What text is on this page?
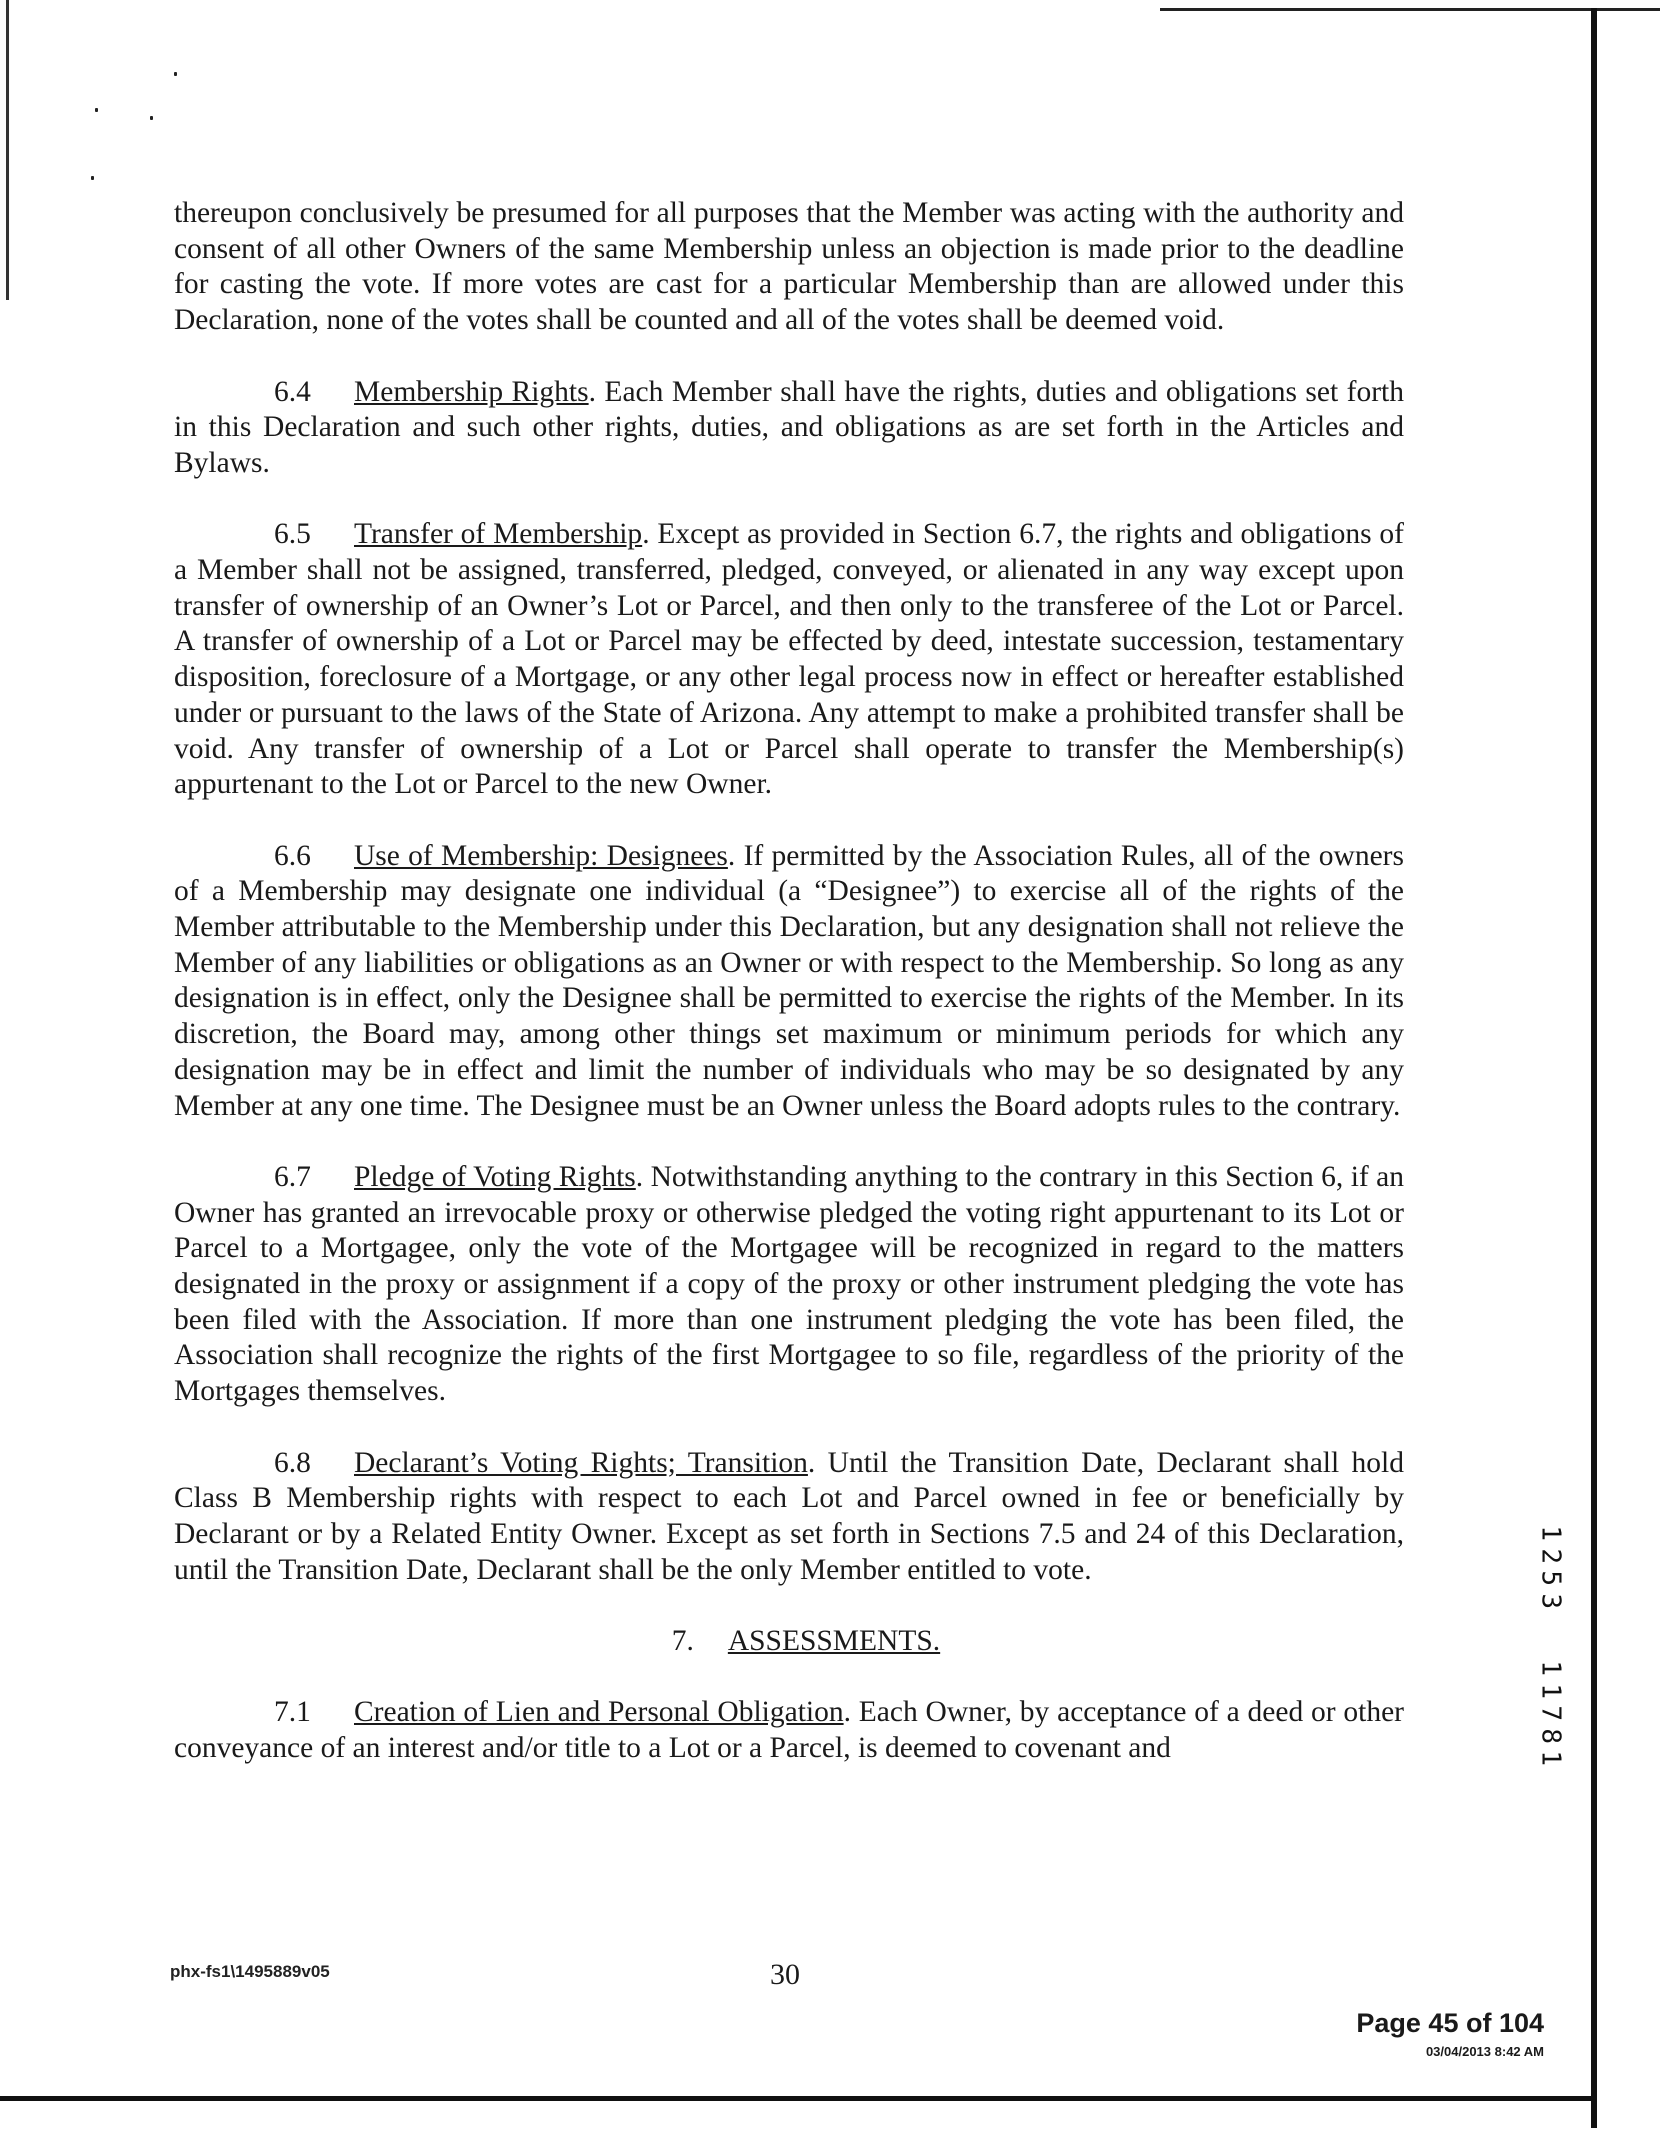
thereupon conclusively be presumed for all purposes that the Member was acting with the authority and consent of all other Owners of the same Membership unless an objection is made prior to the deadline for casting the vote. If more votes are cast for a particular Membership than are allowed under this Declaration, none of the votes shall be counted and all of the votes shall be deemed void.

6.4 Membership Rights. Each Member shall have the rights, duties and obligations set forth in this Declaration and such other rights, duties, and obligations as are set forth in the Articles and Bylaws.

6.5 Transfer of Membership. Except as provided in Section 6.7, the rights and obligations of a Member shall not be assigned, transferred, pledged, conveyed, or alienated in any way except upon transfer of ownership of an Owner’s Lot or Parcel, and then only to the transferee of the Lot or Parcel. A transfer of ownership of a Lot or Parcel may be effected by deed, intestate succession, testamentary disposition, foreclosure of a Mortgage, or any other legal process now in effect or hereafter established under or pursuant to the laws of the State of Arizona. Any attempt to make a prohibited transfer shall be void. Any transfer of ownership of a Lot or Parcel shall operate to transfer the Membership(s) appurtenant to the Lot or Parcel to the new Owner.

6.6 Use of Membership: Designees. If permitted by the Association Rules, all of the owners of a Membership may designate one individual (a “Designee”) to exercise all of the rights of the Member attributable to the Membership under this Declaration, but any designation shall not relieve the Member of any liabilities or obligations as an Owner or with respect to the Membership. So long as any designation is in effect, only the Designee shall be permitted to exercise the rights of the Member. In its discretion, the Board may, among other things set maximum or minimum periods for which any designation may be in effect and limit the number of individuals who may be so designated by any Member at any one time. The Designee must be an Owner unless the Board adopts rules to the contrary.

6.7 Pledge of Voting Rights. Notwithstanding anything to the contrary in this Section 6, if an Owner has granted an irrevocable proxy or otherwise pledged the voting right appurtenant to its Lot or Parcel to a Mortgagee, only the vote of the Mortgagee will be recognized in regard to the matters designated in the proxy or assignment if a copy of the proxy or other instrument pledging the vote has been filed with the Association. If more than one instrument pledging the vote has been filed, the Association shall recognize the rights of the first Mortgagee to so file, regardless of the priority of the Mortgages themselves.

6.8 Declarant’s Voting Rights; Transition. Until the Transition Date, Declarant shall hold Class B Membership rights with respect to each Lot and Parcel owned in fee or beneficially by Declarant or by a Related Entity Owner. Except as set forth in Sections 7.5 and 24 of this Declaration, until the Transition Date, Declarant shall be the only Member entitled to vote.

7. ASSESSMENTS.

7.1 Creation of Lien and Personal Obligation. Each Owner, by acceptance of a deed or other conveyance of an interest and/or title to a Lot or a Parcel, is deemed to covenant and

1
2
5
3
1
1
7
8
1
phx-fs1\1495889v05	30
Page 45 of 104
03/04/2013 8:42 AM
